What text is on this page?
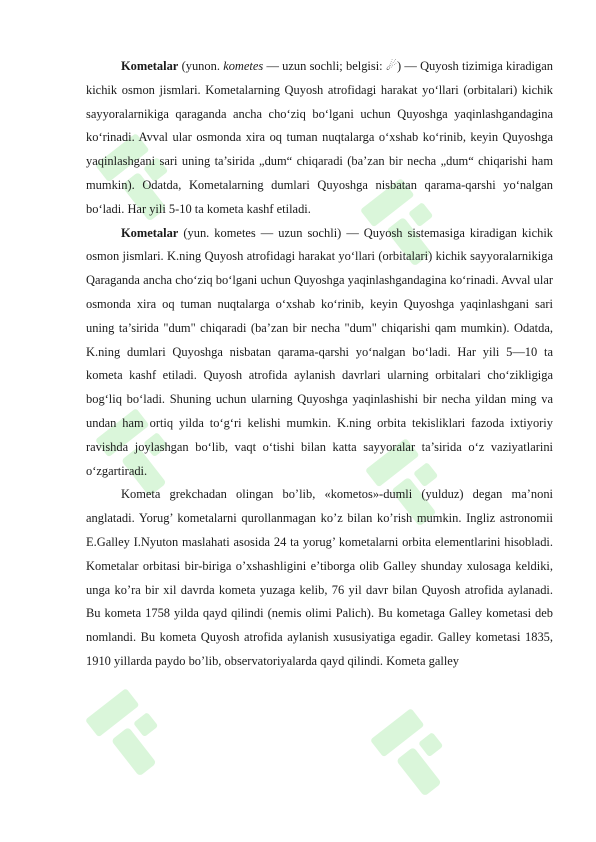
Kometalar (yunon. kometes — uzun sochli; belgisi: ☄) — Quyosh tizimiga kiradigan kichik osmon jismlari. Kometalarning Quyosh atrofidagi harakat yo‘llari (orbitalari) kichik sayyoralarnikiga qaraganda ancha cho‘ziq bo‘lgani uchun Quyoshga yaqinlashgandagina ko‘rinadi. Avval ular osmonda xira oq tuman nuqtalarga o‘xshab ko‘rinib, keyin Quyoshga yaqinlashgani sari uning ta’sirida „dum“ chiqaradi (ba’zan bir necha „dum“ chiqarishi ham mumkin). Odatda, Kometalarning dumlari Quyoshga nisbatan qarama-qarshi yo‘nalgan bo‘ladi. Har yili 5-10 ta kometa kashf etiladi.

Kometalar (yun. kometes — uzun sochli) — Quyosh sistemasiga kiradigan kichik osmon jismlari. K.ning Quyosh atrofidagi harakat yo‘llari (orbitalari) kichik sayyoralarnikiga Qaraganda ancha cho‘ziq bo‘lgani uchun Quyoshga yaqinlashgandagina ko‘rinadi. Avval ular osmonda xira oq tuman nuqtalarga o‘xshab ko‘rinib, keyin Quyoshga yaqinlashgani sari uning ta’sirida "dum" chiqaradi (ba’zan bir necha "dum" chiqarishi qam mumkin). Odatda, K.ning dumlari Quyoshga nisbatan qarama-qarshi yo‘nalgan bo‘ladi. Har yili 5—10 ta kometa kashf etiladi. Quyosh atrofida aylanish davrlari ularning orbitalari cho‘zikligiga bog‘liq bo‘ladi. Shuning uchun ularning Quyoshga yaqinlashishi bir necha yildan ming va undan ham ortiq yilda to‘g‘ri kelishi mumkin. K.ning orbita tekisliklari fazoda ixtiyoriy ravishda joylashgan bo‘lib, vaqt o‘tishi bilan katta sayyoralar ta’sirida o‘z vaziyatlarini o‘zgartiradi.

Kometa grekchadan olingan bo’lib, «kometos»-dumli (yulduz) degan ma’noni anglatadi. Yorug’ kometalarni qurollanmagan ko’z bilan ko’rish mumkin. Ingliz astronomii E.Galley I.Nyuton maslahati asosida 24 ta yorug’ kometalarni orbita elementlarini hisobladi. Kometalar orbitasi bir-biriga o’xshashligini e’tiborga olib Galley shunday xulosaga keldiki, unga ko’ra bir xil davrda kometa yuzaga kelib, 76 yil davr bilan Quyosh atrofida aylanadi. Bu kometa 1758 yilda qayd qilindi (nemis olimi Palich). Bu kometaga Galley kometasi deb nomlandi. Bu kometa Quyosh atrofida aylanish xususiyatiga egadir. Galley kometasi 1835, 1910 yillarda paydo bo’lib, observatoriyalarda qayd qilindi. Kometa galley
